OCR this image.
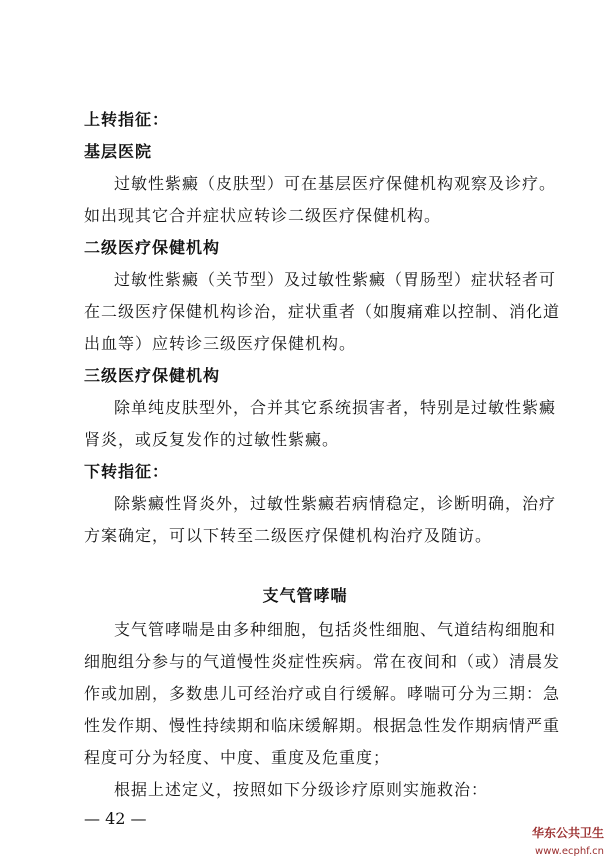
上转指征：
基层医院
过敏性紫癜（皮肤型）可在基层医疗保健机构观察及诊疗。
如出现其它合并症状应转诊二级医疗保健机构。
二级医疗保健机构
过敏性紫癜（关节型）及过敏性紫癜（胃肠型）症状轻者可
在二级医疗保健机构诊治，症状重者（如腹痛难以控制、消化道
出血等）应转诊三级医疗保健机构。
三级医疗保健机构
除单纯皮肤型外，合并其它系统损害者，特别是过敏性紫癜
肾炎，或反复发作的过敏性紫癜。
下转指征：
除紫癜性肾炎外，过敏性紫癜若病情稳定，诊断明确，治疗
方案确定，可以下转至二级医疗保健机构治疗及随访。
支气管哮喘
支气管哮喘是由多种细胞，包括炎性细胞、气道结构细胞和
细胞组分参与的气道慢性炎症性疾病。常在夜间和（或）清晨发
作或加剧，多数患儿可经治疗或自行缓解。哮喘可分为三期：急
性发作期、慢性持续期和临床缓解期。根据急性发作期病情严重
程度可分为轻度、中度、重度及危重度；
根据上述定义，按照如下分级诊疗原则实施救治：
— 42 —
华东公共卫生
www.ecphf.cn
